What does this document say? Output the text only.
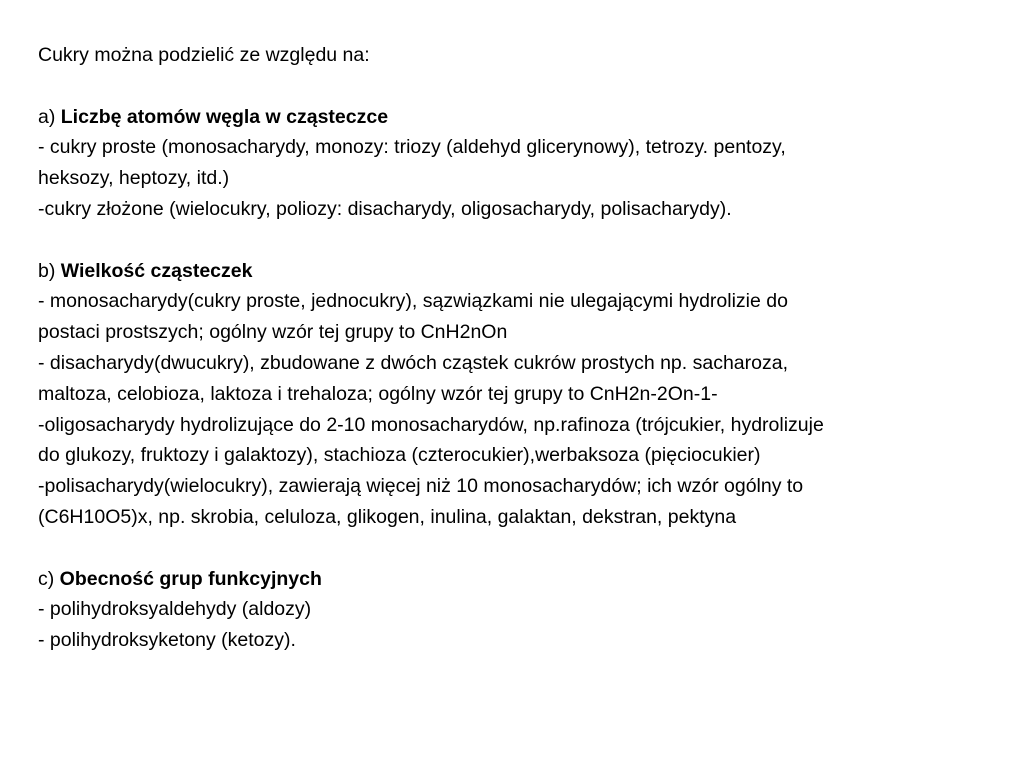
Cukry można podzielić ze względu na:
a) Liczbę atomów węgla w cząsteczce
- cukry proste (monosacharydy, monozy: triozy (aldehyd glicerynowy), tetrozy. pentozy,
heksozy, heptozy, itd.)
-cukry złożone (wielocukry, poliozy: disacharydy, oligosacharydy, polisacharydy).
b) Wielkość cząsteczek
- monosacharydy(cukry proste, jednocukry), sązwiązkami nie ulegającymi hydrolizie do
postaci prostszych; ogólny wzór tej grupy to CnH2nOn
- disacharydy(dwucukry), zbudowane z dwóch cząstek cukrów prostych np. sacharoza,
maltoza, celobioza, laktoza i trehaloza; ogólny wzór tej grupy to CnH2n-2On-1-
-oligosacharydy hydrolizujące do 2-10 monosacharydów, np.rafinoza (trójcukier, hydrolizuje
do glukozy, fruktozy i galaktozy), stachioza (czterocukier),werbaksoza (pięciocukier)
-polisacharydy(wielocukry), zawierają więcej niż 10 monosacharydów; ich wzór ogólny to
(C6H10O5)x, np. skrobia, celuloza, glikogen, inulina, galaktan, dekstran, pektyna
c) Obecność grup funkcyjnych
- polihydroksyaldehydy (aldozy)
- polihydroksyketony (ketozy).
